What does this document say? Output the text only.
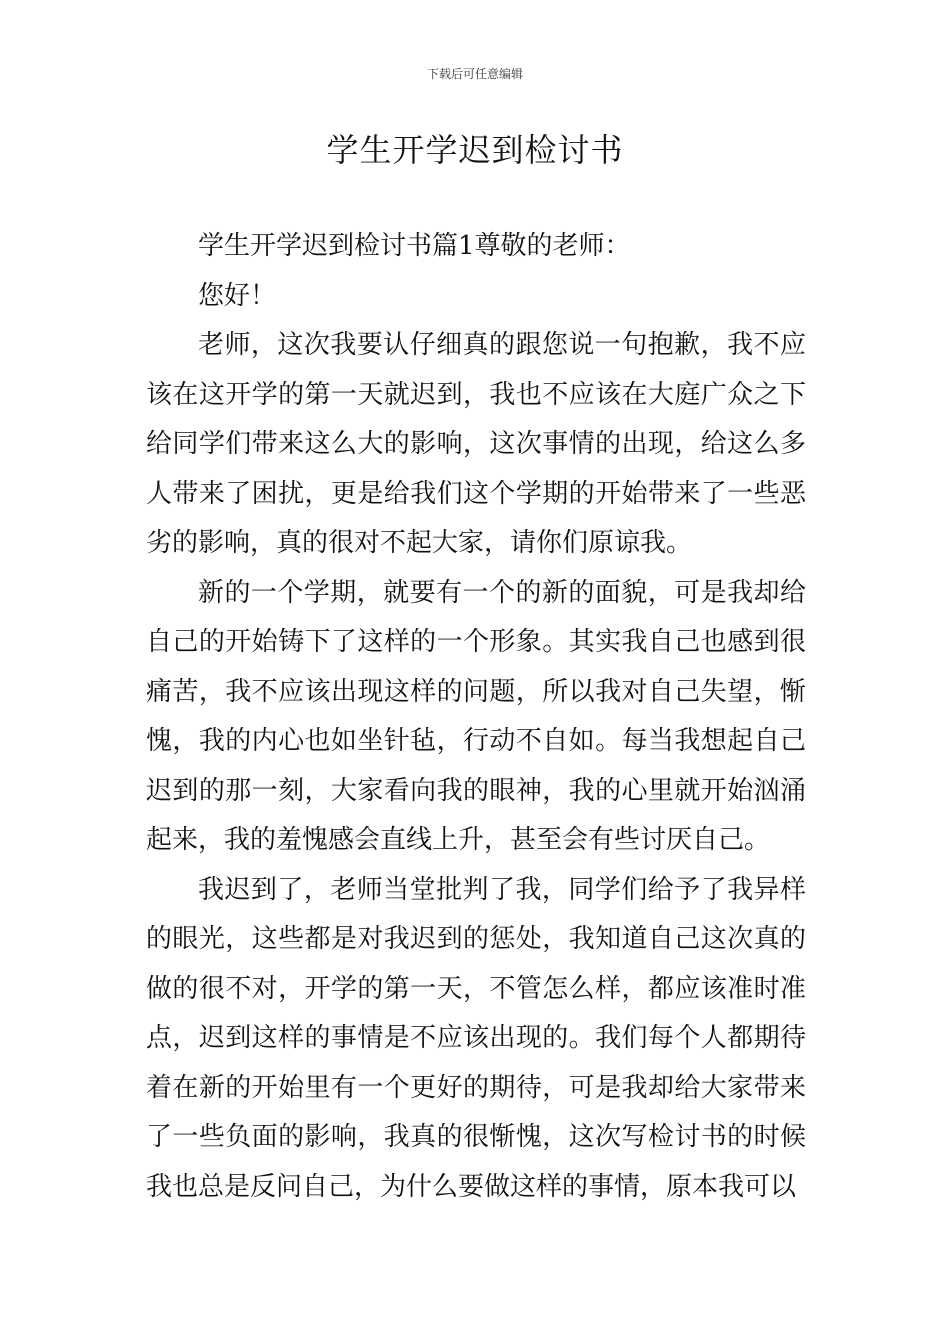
下载后可任意编辑
学生开学迟到检讨书

学生开学迟到检讨书篇1尊敬的老师：

您好！

老师，这次我要认仔细真的跟您说一句抱歉，我不应该在这开学的第一天就迟到，我也不应该在大庭广众之下给同学们带来这么大的影响，这次事情的出现，给这么多人带来了困扰，更是给我们这个学期的开始带来了一些恶劣的影响，真的很对不起大家，请你们原谅我。

新的一个学期，就要有一个的新的面貌，可是我却给自己的开始铸下了这样的一个形象。其实我自己也感到很痛苦，我不应该出现这样的问题，所以我对自己失望，惭愧，我的内心也如坐针毡，行动不自如。每当我想起自己迟到的那一刻，大家看向我的眼神，我的心里就开始汹涌起来，我的羞愧感会直线上升，甚至会有些讨厌自己。

我迟到了，老师当堂批判了我，同学们给予了我异样的眼光，这些都是对我迟到的惩处，我知道自己这次真的做的很不对，开学的第一天，不管怎么样，都应该准时准点，迟到这样的事情是不应该出现的。我们每个人都期待着在新的开始里有一个更好的期待，可是我却给大家带来了一些负面的影响，我真的很惭愧，这次写检讨书的时候我也总是反问自己，为什么要做这样的事情，原本我可以
